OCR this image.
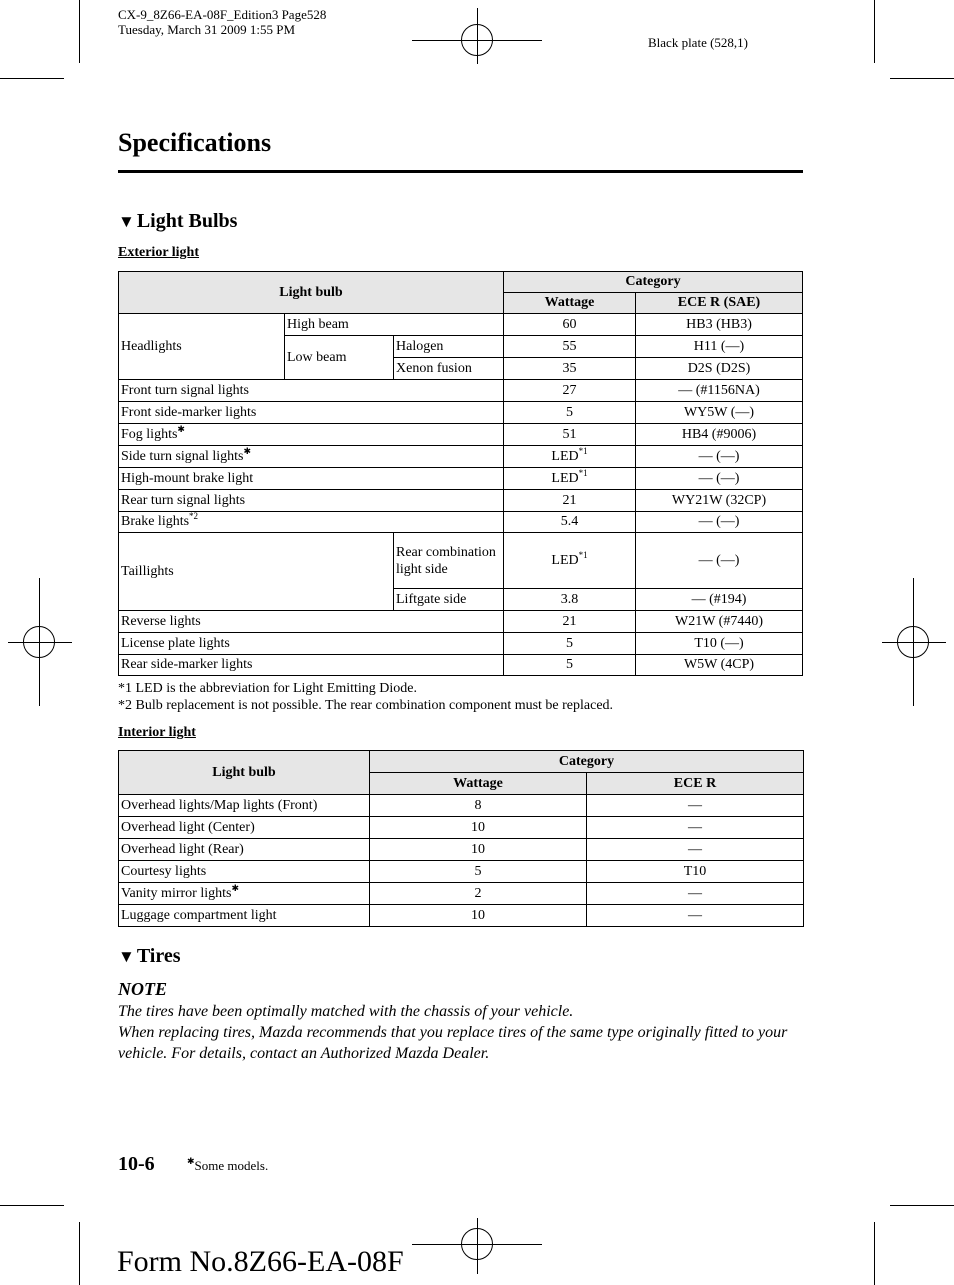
CX-9_8Z66-EA-08F_Edition3 Page528
Tuesday, March 31 2009 1:55 PM
Black plate (528,1)
Specifications
▼ Light Bulbs
Exterior light
Light bulb			Category	
			Wattage	ECE R (SAE)
Headlights	High beam		60	HB3 (HB3)
	Low beam	Halogen	55	H11 (—)
		Xenon fusion	35	D2S (D2S)
Front turn signal lights			27	— (#1156NA)
Front side-marker lights			5	WY5W (—)
Fog lights✱			51	HB4 (#9006)
Side turn signal lights✱			LED$^{*1}$	— (—)
High-mount brake light			LED$^{*1}$	— (—)
Rear turn signal lights			21	WY21W (32CP)
Brake lights$^{*2}$			5.4	— (—)
Taillights		Rear combination light side	LED$^{*1}$	— (—)
		Liftgate side	3.8	— (#194)
Reverse lights			21	W21W (#7440)
License plate lights			5	T10 (—)
Rear side-marker lights			5	W5W (4CP)
*1 LED is the abbreviation for Light Emitting Diode.
*2 Bulb replacement is not possible. The rear combination component must be replaced.
Interior light
Light bulb	Category	
	Wattage	ECE R
Overhead lights/Map lights (Front)	8	—
Overhead light (Center)	10	—
Overhead light (Rear)	10	—
Courtesy lights	5	T10
Vanity mirror lights✱	2	—
Luggage compartment light	10	—
▼ Tires
NOTE
The tires have been optimally matched with the chassis of your vehicle.
When replacing tires, Mazda recommends that you replace tires of the same type originally fitted to your vehicle. For details, contact an Authorized Mazda Dealer.
10-6	✱Some models.
Form No.8Z66-EA-08F
